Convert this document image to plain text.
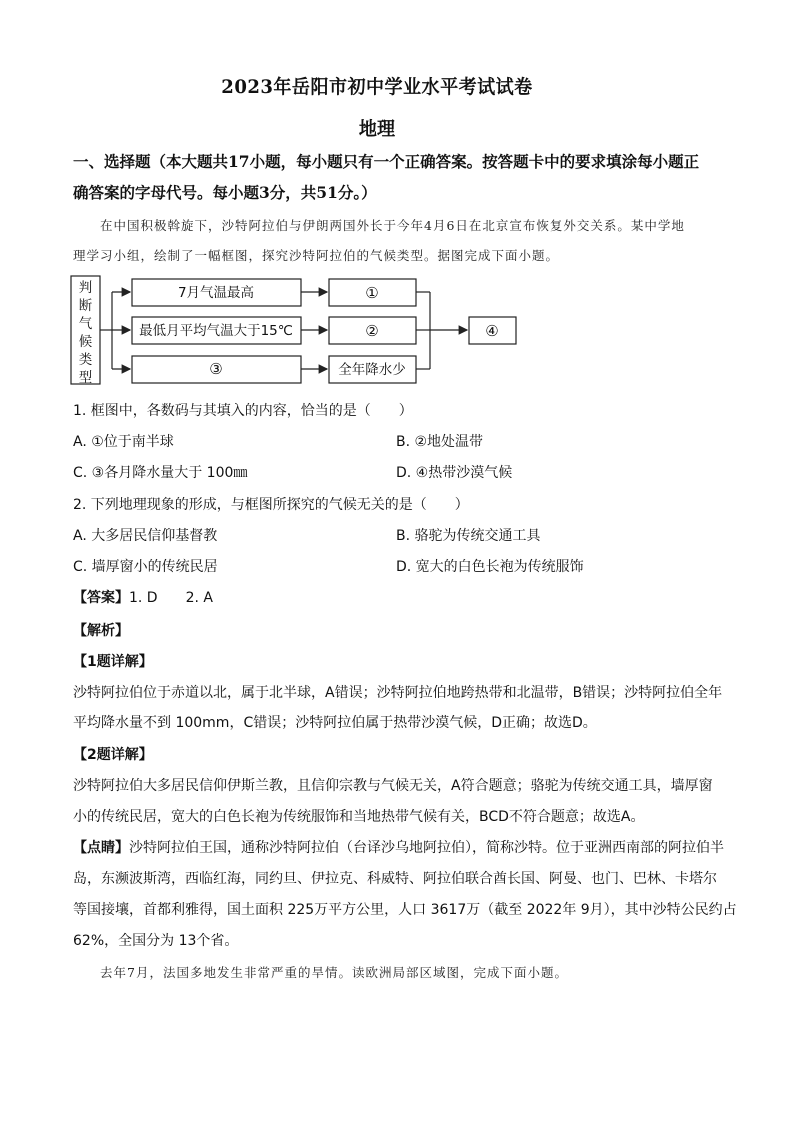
2023年岳阳市初中学业水平考试试卷
地理
一、选择题（本大题共17小题，每小题只有一个正确答案。按答题卡中的要求填涂每小题正
确答案的字母代号。每小题3分，共51分。）
在中国积极斡旋下，沙特阿拉伯与伊朗两国外长于今年4月6日在北京宣布恢复外交关系。某中学地
理学习小组，绘制了一幅框图，探究沙特阿拉伯的气候类型。据图完成下面小题。
判
断
气
候
类
型
7月气温最高
最低月平均气温大于15℃
③
①
②
全年降水少
④
1. 框图中，各数码与其填入的内容，恰当的是（　　）
A. ①位于南半球	B. ②地处温带
C. ③各月降水量大于 100㎜	D. ④热带沙漠气候
2. 下列地理现象的形成，与框图所探究的气候无关的是（　　）
A. 大多居民信仰基督教	B. 骆驼为传统交通工具
C. 墙厚窗小的传统民居	D. 宽大的白色长袍为传统服饰
【答案】1. D　　2. A
【解析】
【1题详解】
沙特阿拉伯位于赤道以北，属于北半球，A错误；沙特阿拉伯地跨热带和北温带，B错误；沙特阿拉伯全年
平均降水量不到 100mm，C错误；沙特阿拉伯属于热带沙漠气候，D正确；故选D。
【2题详解】
沙特阿拉伯大多居民信仰伊斯兰教，且信仰宗教与气候无关，A符合题意；骆驼为传统交通工具，墙厚窗
小的传统民居，宽大的白色长袍为传统服饰和当地热带气候有关，BCD不符合题意；故选A。
【点睛】沙特阿拉伯王国，通称沙特阿拉伯（台译沙乌地阿拉伯），简称沙特。位于亚洲西南部的阿拉伯半
岛，东濒波斯湾，西临红海，同约旦、伊拉克、科威特、阿拉伯联合酋长国、阿曼、也门、巴林、卡塔尔
等国接壤，首都利雅得，国土面积 225万平方公里，人口 3617万（截至 2022年 9月），其中沙特公民约占
62%，全国分为 13个省。
去年7月，法国多地发生非常严重的旱情。读欧洲局部区域图，完成下面小题。
